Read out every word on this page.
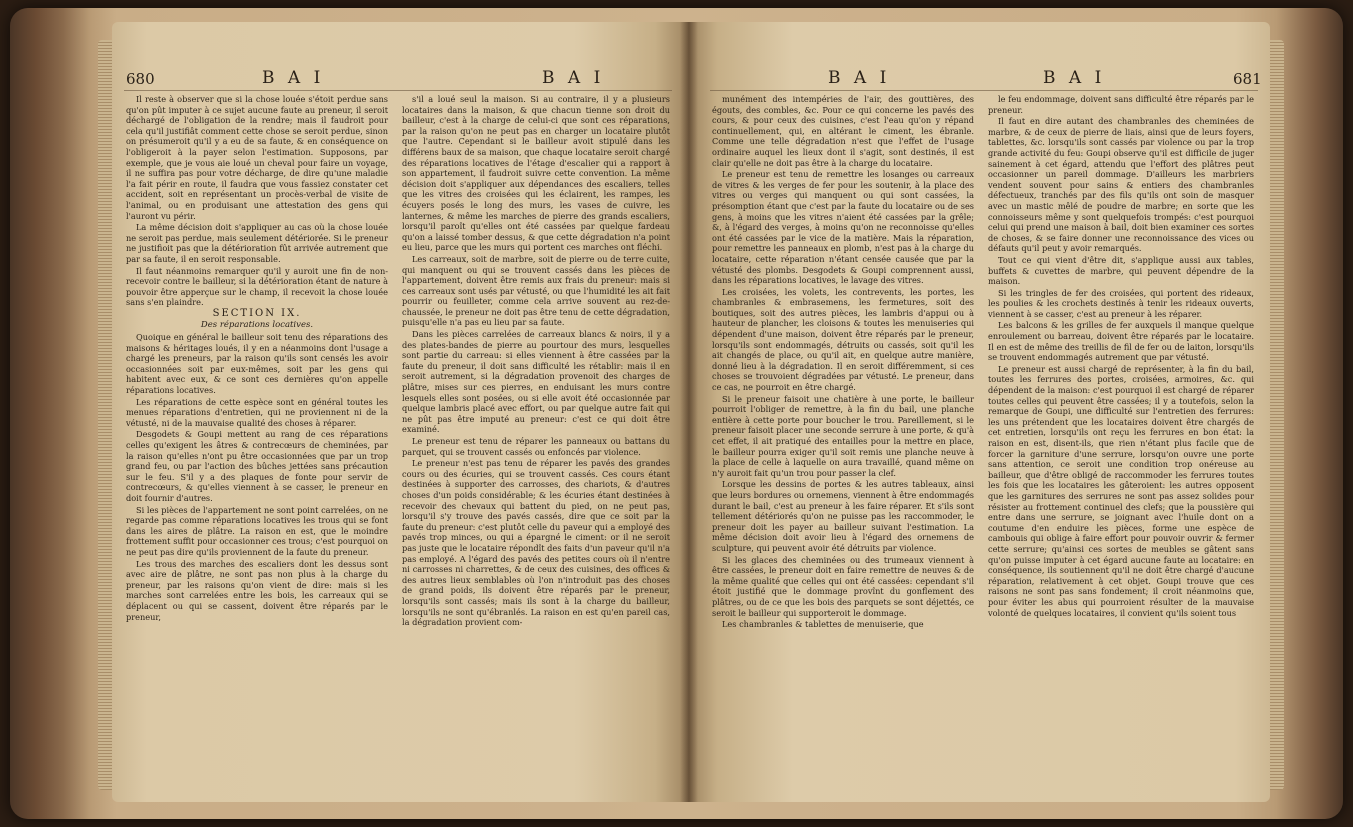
680	B A I	B A I

Il reste à observer que si la chose louée s'étoit perdue sans qu'on pût imputer à ce sujet aucune faute au preneur, il seroit déchargé de l'obligation de la rendre; mais il faudroit pour cela qu'il justifiât comment cette chose se seroit perdue, sinon on présumeroit qu'il y a eu de sa faute, & en conséquence on l'obligeroit à la payer selon l'estimation. Supposons, par exemple, que je vous aie loué un cheval pour faire un voyage, il ne suffira pas pour votre décharge, de dire qu'une maladie l'a fait périr en route, il faudra que vous fassiez constater cet accident, soit en représentant un procès-verbal de visite de l'animal, ou en produisant une attestation des gens qui l'auront vu périr.

La même décision doit s'appliquer au cas où la chose louée ne seroit pas perdue, mais seulement détériorée. Si le preneur ne justifioit pas que la détérioration fût arrivée autrement que par sa faute, il en seroit responsable.

Il faut néanmoins remarquer qu'il y auroit une fin de non-recevoir contre le bailleur, si la détérioration étant de nature à pouvoir être apperçue sur le champ, il recevoit la chose louée sans s'en plaindre.

SECTION IX.

Des réparations locatives.

Quoique en général le bailleur soit tenu des réparations des maisons & héritages loués, il y en a néanmoins dont l'usage a chargé les preneurs, par la raison qu'ils sont censés les avoir occasionnées soit par eux-mêmes, soit par les gens qui habitent avec eux, & ce sont ces dernières qu'on appelle réparations locatives.

Les réparations de cette espèce sont en général toutes les menues réparations d'entretien, qui ne proviennent ni de la vétusté, ni de la mauvaise qualité des choses à réparer.

Desgodets & Goupi mettent au rang de ces réparations celles qu'exigent les âtres & contrecœurs de cheminées, par la raison qu'elles n'ont pu être occasionnées que par un trop grand feu, ou par l'action des bûches jettées sans précaution sur le feu. S'il y a des plaques de fonte pour servir de contrecœurs, & qu'elles viennent à se casser, le preneur en doit fournir d'autres.

Si les pièces de l'appartement ne sont point carrelées, on ne regarde pas comme réparations locatives les trous qui se font dans les aires de plâtre. La raison en est, que le moindre frottement suffit pour occasionner ces trous; c'est pourquoi on ne peut pas dire qu'ils proviennent de la faute du preneur.

Les trous des marches des escaliers dont les dessus sont avec aire de plâtre, ne sont pas non plus à la charge du preneur, par les raisons qu'on vient de dire: mais si les marches sont carrelées entre les bois, les carreaux qui se déplacent ou qui se cassent, doivent être réparés par le preneur,

s'il a loué seul la maison. Si au contraire, il y a plusieurs locataires dans la maison, & que chacun tienne son droit du bailleur, c'est à la charge de celui-ci que sont ces réparations, par la raison qu'on ne peut pas en charger un locataire plutôt que l'autre. Cependant si le bailleur avoit stipulé dans les différens baux de sa maison, que chaque locataire seroit chargé des réparations locatives de l'étage d'escalier qui a rapport à son appartement, il faudroit suivre cette convention. La même décision doit s'appliquer aux dépendances des escaliers, telles que les vitres des croisées qui les éclairent, les rampes, les écuyers posés le long des murs, les vases de cuivre, les lanternes, & même les marches de pierre des grands escaliers, lorsqu'il paroît qu'elles ont été cassées par quelque fardeau qu'on a laissé tomber dessus, & que cette dégradation n'a point eu lieu, parce que les murs qui portent ces marches ont fléchi.

Les carreaux, soit de marbre, soit de pierre ou de terre cuite, qui manquent ou qui se trouvent cassés dans les pièces de l'appartement, doivent être remis aux frais du preneur: mais si ces carreaux sont usés par vétusté, ou que l'humidité les ait fait pourrir ou feuilleter, comme cela arrive souvent au rez-de-chaussée, le preneur ne doit pas être tenu de cette dégradation, puisqu'elle n'a pas eu lieu par sa faute.

Dans les pièces carrelées de carreaux blancs & noirs, il y a des plates-bandes de pierre au pourtour des murs, lesquelles sont partie du carreau: si elles viennent à être cassées par la faute du preneur, il doit sans difficulté les rétablir: mais il en seroit autrement, si la dégradation provenoit des charges de plâtre, mises sur ces pierres, en enduisant les murs contre lesquels elles sont posées, ou si elle avoit été occasionnée par quelque lambris placé avec effort, ou par quelque autre fait qui ne pût pas être imputé au preneur: c'est ce qui doit être examiné.

Le preneur est tenu de réparer les panneaux ou battans du parquet, qui se trouvent cassés ou enfoncés par violence.

Le preneur n'est pas tenu de réparer les pavés des grandes cours ou des écuries, qui se trouvent cassés. Ces cours étant destinées à supporter des carrosses, des chariots, & d'autres choses d'un poids considérable; & les écuries étant destinées à recevoir des chevaux qui battent du pied, on ne peut pas, lorsqu'il s'y trouve des pavés cassés, dire que ce soit par la faute du preneur: c'est plutôt celle du paveur qui a employé des pavés trop minces, ou qui a épargné le ciment: or il ne seroit pas juste que le locataire répondît des faits d'un paveur qu'il n'a pas employé. A l'égard des pavés des petites cours où il n'entre ni carrosses ni charrettes, & de ceux des cuisines, des offices & des autres lieux semblables où l'on n'introduit pas des choses de grand poids, ils doivent être réparés par le preneur, lorsqu'ils sont cassés; mais ils sont à la charge du bailleur, lorsqu'ils ne sont qu'ébranlés. La raison en est qu'en pareil cas, la dégradation provient com-

B A I	B A I	681

munément des intempéries de l'air, des gouttières, des égouts, des combles, &c. Pour ce qui concerne les pavés des cours, & pour ceux des cuisines, c'est l'eau qu'on y répand continuellement, qui, en altérant le ciment, les ébranle. Comme une telle dégradation n'est que l'effet de l'usage ordinaire auquel les lieux dont il s'agit, sont destinés, il est clair qu'elle ne doit pas être à la charge du locataire.

Le preneur est tenu de remettre les losanges ou carreaux de vitres & les verges de fer pour les soutenir, à la place des vitres ou verges qui manquent ou qui sont cassées, la présomption étant que c'est par la faute du locataire ou de ses gens, à moins que les vitres n'aient été cassées par la grêle; &, à l'égard des verges, à moins qu'on ne reconnoisse qu'elles ont été cassées par le vice de la matière. Mais la réparation, pour remettre les panneaux en plomb, n'est pas à la charge du locataire, cette réparation n'étant censée causée que par la vétusté des plombs. Desgodets & Goupi comprennent aussi, dans les réparations locatives, le lavage des vitres.

Les croisées, les volets, les contrevents, les portes, les chambranles & embrasemens, les fermetures, soit des boutiques, soit des autres pièces, les lambris d'appui ou à hauteur de plancher, les cloisons & toutes les menuiseries qui dépendent d'une maison, doivent être réparés par le preneur, lorsqu'ils sont endommagés, détruits ou cassés, soit qu'il les ait changés de place, ou qu'il ait, en quelque autre manière, donné lieu à la dégradation. Il en seroit différemment, si ces choses se trouvoient dégradées par vétusté. Le preneur, dans ce cas, ne pourroit en être chargé.

Si le preneur faisoit une chatière à une porte, le bailleur pourroit l'obliger de remettre, à la fin du bail, une planche entière à cette porte pour boucher le trou. Pareillement, si le preneur faisoit placer une seconde serrure à une porte, & qu'à cet effet, il ait pratiqué des entailles pour la mettre en place, le bailleur pourra exiger qu'il soit remis une planche neuve à la place de celle à laquelle on aura travaillé, quand même on n'y auroit fait qu'un trou pour passer la clef.

Lorsque les dessins de portes & les autres tableaux, ainsi que leurs bordures ou ornemens, viennent à être endommagés durant le bail, c'est au preneur à les faire réparer. Et s'ils sont tellement détériorés qu'on ne puisse pas les raccommoder, le preneur doit les payer au bailleur suivant l'estimation. La même décision doit avoir lieu à l'égard des ornemens de sculpture, qui peuvent avoir été détruits par violence.

Si les glaces des cheminées ou des trumeaux viennent à être cassées, le preneur doit en faire remettre de neuves & de la même qualité que celles qui ont été cassées: cependant s'il étoit justifié que le dommage provînt du gonflement des plâtres, ou de ce que les bois des parquets se sont déjettés, ce seroit le bailleur qui supporteroit le dommage.

Les chambranles & tablettes de menuiserie, que

le feu endommage, doivent sans difficulté être réparés par le preneur.

Il faut en dire autant des chambranles des cheminées de marbre, & de ceux de pierre de liais, ainsi que de leurs foyers, tablettes, &c. lorsqu'ils sont cassés par violence ou par la trop grande activité du feu: Goupi observe qu'il est difficile de juger sainement à cet égard, attendu que l'effort des plâtres peut occasionner un pareil dommage. D'ailleurs les marbriers vendent souvent pour sains & entiers des chambranles défectueux, tranchés par des fils qu'ils ont soin de masquer avec un mastic mêlé de poudre de marbre; en sorte que les connoisseurs même y sont quelquefois trompés: c'est pourquoi celui qui prend une maison à bail, doit bien examiner ces sortes de choses, & se faire donner une reconnoissance des vices ou défauts qu'il peut y avoir remarqués.

Tout ce qui vient d'être dit, s'applique aussi aux tables, buffets & cuvettes de marbre, qui peuvent dépendre de la maison.

Si les tringles de fer des croisées, qui portent des rideaux, les poulies & les crochets destinés à tenir les rideaux ouverts, viennent à se casser, c'est au preneur à les réparer.

Les balcons & les grilles de fer auxquels il manque quelque enroulement ou barreau, doivent être réparés par le locataire. Il en est de même des treillis de fil de fer ou de laiton, lorsqu'ils se trouvent endommagés autrement que par vétusté.

Le preneur est aussi chargé de représenter, à la fin du bail, toutes les ferrures des portes, croisées, armoires, &c. qui dépendent de la maison: c'est pourquoi il est chargé de réparer toutes celles qui peuvent être cassées; il y a toutefois, selon la remarque de Goupi, une difficulté sur l'entretien des ferrures: les uns prétendent que les locataires doivent être chargés de cet entretien, lorsqu'ils ont reçu les ferrures en bon état: la raison en est, disent-ils, que rien n'étant plus facile que de forcer la garniture d'une serrure, lorsqu'on ouvre une porte sans attention, ce seroit une condition trop onéreuse au bailleur, que d'être obligé de raccommoder les ferrures toutes les fois que les locataires les gâteroient: les autres opposent que les garnitures des serrures ne sont pas assez solides pour résister au frottement continuel des clefs; que la poussière qui entre dans une serrure, se joignant avec l'huile dont on a coutume d'en enduire les pièces, forme une espèce de cambouis qui oblige à faire effort pour pouvoir ouvrir & fermer cette serrure; qu'ainsi ces sortes de meubles se gâtent sans qu'on puisse imputer à cet égard aucune faute au locataire: en conséquence, ils soutiennent qu'il ne doit être chargé d'aucune réparation, relativement à cet objet. Goupi trouve que ces raisons ne sont pas sans fondement; il croit néanmoins que, pour éviter les abus qui pourroient résulter de la mauvaise volonté de quelques locataires, il convient qu'ils soient tous
